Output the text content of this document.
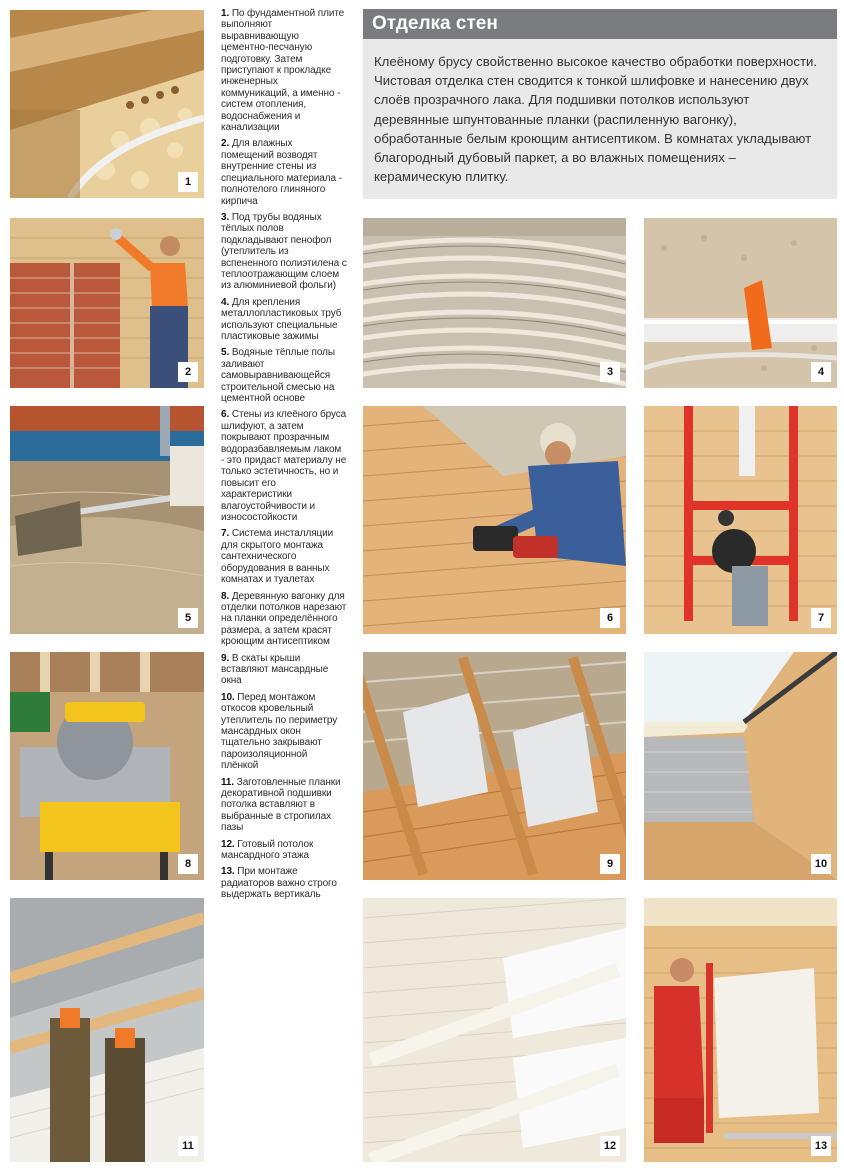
1
2	3	4
5	6	7
8	9	10
11	12	13

1. По фундаментной плите выполняют выравнивающую цементно-песчаную подготовку. Затем приступают к прокладке инженерных коммуникаций, а именно - систем отопления, водоснабжения и канализации

2. Для влажных помещений возводят внутренние стены из специального материала - полнотелого глиняного кирпича

3. Под трубы водяных тёплых полов подкладывают пенофол (утеплитель из вспененного полиэтилена с теплоотражающим слоем из алюминиевой фольги)

4. Для крепления металлопластиковых труб используют специальные пластиковые зажимы

5. Водяные тёплые полы заливают самовыравнивающейся строительной смесью на цементной основе

6. Стены из клеёного бруса шлифуют, а затем покрывают прозрачным водоразбавляемым лаком - это придаст материалу не только эстетичность, но и повысит его характеристики влагоустойчивости и износостойкости

7. Система инсталляции для скрытого монтажа сантехнического оборудования в ванных комнатах и туалетах

8. Деревянную вагонку для отделки потолков нарезают на планки определённого размера, а затем красят кроющим антисептиком

9. В скаты крыши вставляют мансардные окна

10. Перед монтажом откосов кровельный утеплитель по периметру мансардных окон тщательно закрывают пароизоляционной плёнкой

11. Заготовленные планки декоративной подшивки потолка вставляют в выбранные в стропилах пазы

12. Готовый потолок мансардного этажа

13. При монтаже радиаторов важно строго выдержать вертикаль

Отделка стен

Клеёному брусу свойственно высокое качество обработки поверхности. Чистовая отделка стен сводится к тонкой шлифовке и нанесению двух слоёв прозрачного лака. Для подшивки потолков используют деревянные шпунтованные планки (распиленную вагонку), обработанные белым кроющим антисептиком. В комнатах укладывают благородный дубовый паркет, а во влажных помещениях – керамическую плитку.
